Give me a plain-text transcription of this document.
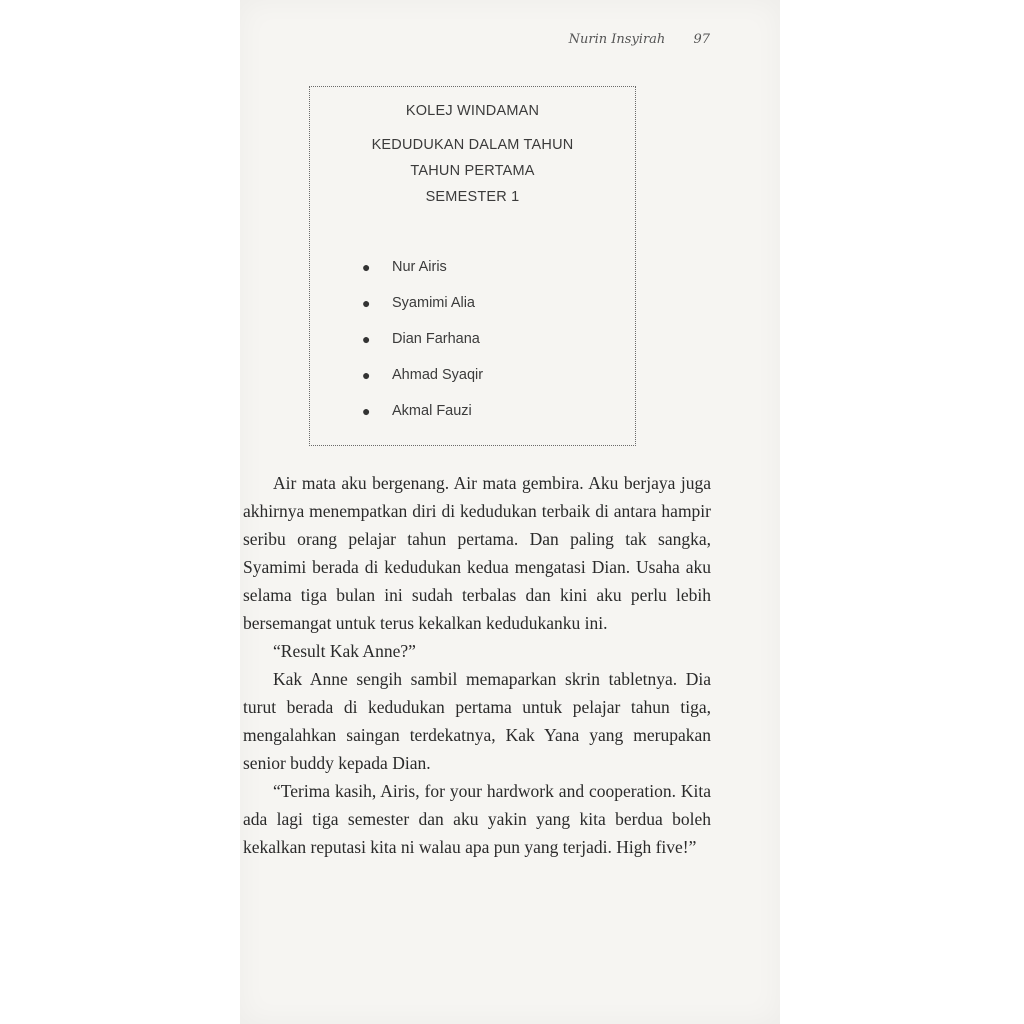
Nurin Insyirah 97
KOLEJ WINDAMAN
KEDUDUKAN DALAM TAHUN
TAHUN PERTAMA
SEMESTER 1
●	Nur Airis
●	Syamimi Alia
●	Dian Farhana
●	Ahmad Syaqir
●	Akmal Fauzi

Air mata aku bergenang. Air mata gembira. Aku berjaya juga akhirnya menempatkan diri di kedudukan terbaik di antara hampir seribu orang pelajar tahun pertama. Dan paling tak sangka, Syamimi berada di kedudukan kedua mengatasi Dian. Usaha aku selama tiga bulan ini sudah terbalas dan kini aku perlu lebih bersemangat untuk terus kekalkan kedudukanku ini.

“Result Kak Anne?”

Kak Anne sengih sambil memaparkan skrin tabletnya. Dia turut berada di kedudukan pertama untuk pelajar tahun tiga, mengalahkan saingan terdekatnya, Kak Yana yang merupakan senior buddy kepada Dian.

“Terima kasih, Airis, for your hardwork and cooperation. Kita ada lagi tiga semester dan aku yakin yang kita berdua boleh kekalkan reputasi kita ni walau apa pun yang terjadi. High five!”
